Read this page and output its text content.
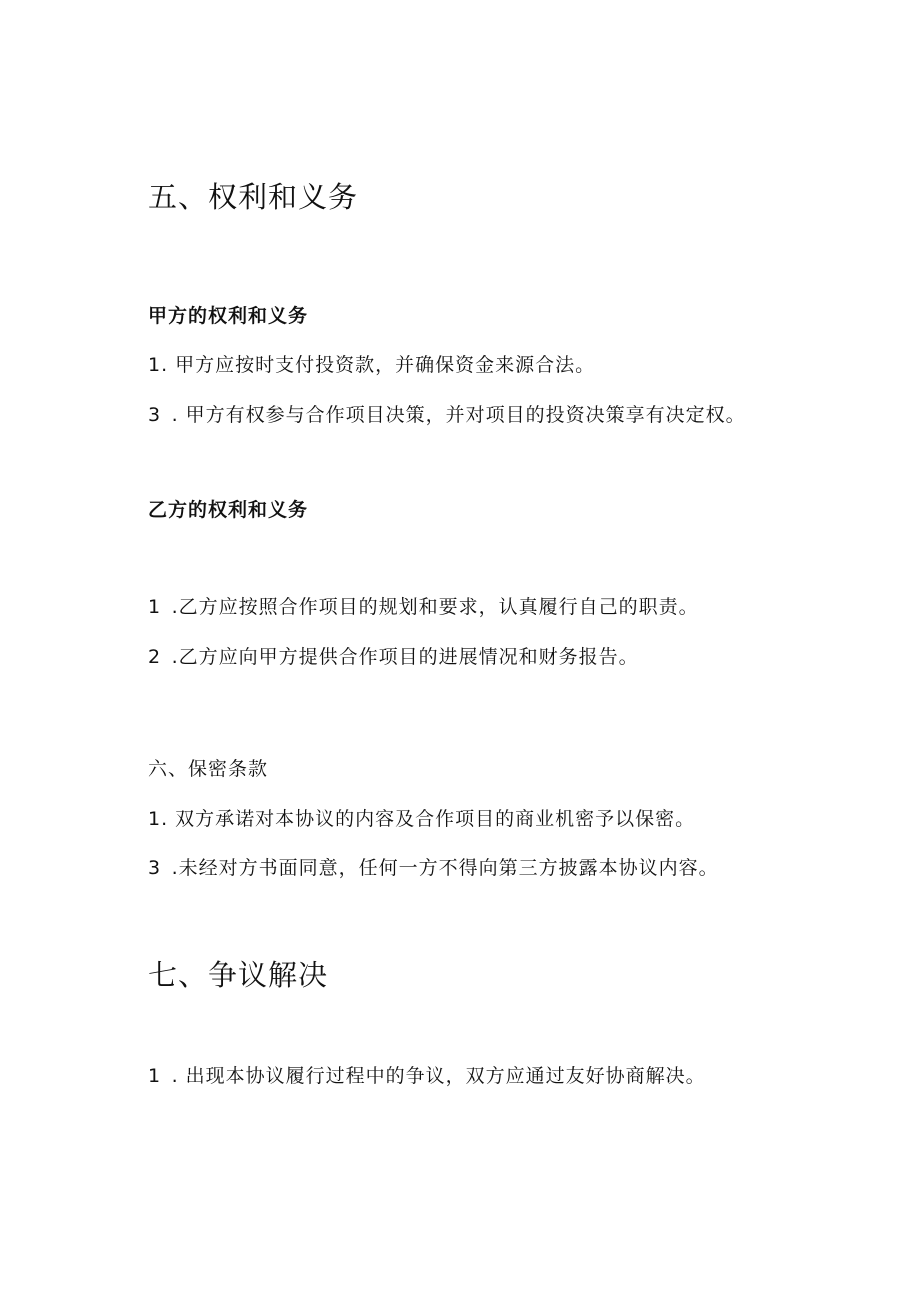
五、权利和义务
甲方的权利和义务
1. 甲方应按时支付投资款，并确保资金来源合法。
3 . 甲方有权参与合作项目决策，并对项目的投资决策享有决定权。
乙方的权利和义务
1 .乙方应按照合作项目的规划和要求，认真履行自己的职责。
2 .乙方应向甲方提供合作项目的进展情况和财务报告。
六、保密条款
1. 双方承诺对本协议的内容及合作项目的商业机密予以保密。
3 .未经对方书面同意，任何一方不得向第三方披露本协议内容。
七、争议解决
1 . 出现本协议履行过程中的争议，双方应通过友好协商解决。
